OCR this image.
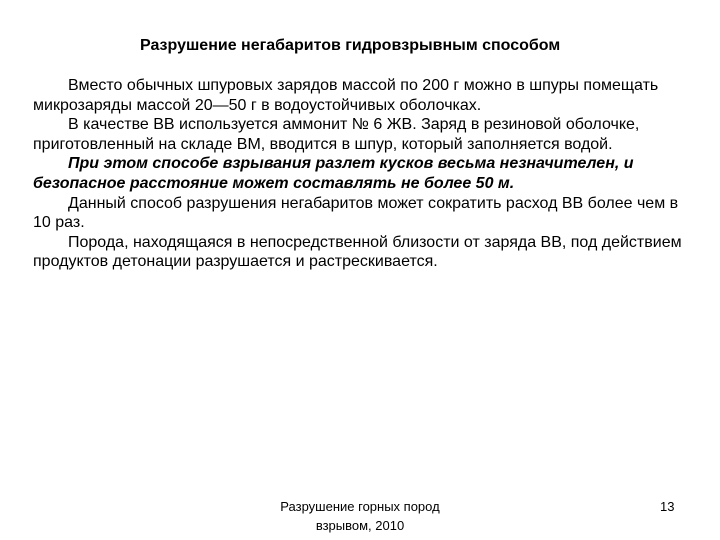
Разрушение негабаритов гидровзрывным способом

Вместо обычных шпуровых зарядов массой по 200 г можно в шпуры помещать микрозаряды массой 20—50 г в водоустойчивых оболочках.

В качестве ВВ используется аммонит № 6 ЖВ. Заряд в резиновой оболочке, приготовленный на складе ВМ, вводится в шпур, который заполняется водой.

При этом способе взрывания разлет кусков весьма незначителен, и безопасное расстояние может составлять не более 50 м.

Данный способ разрушения негабаритов может сократить расход ВВ более чем в 10 раз.

Порода, находящаяся в непосредственной близости от заряда ВВ, под действием продуктов детонации разрушается и растрескивается.

Разрушение горных пород
взрывом, 2010
13
